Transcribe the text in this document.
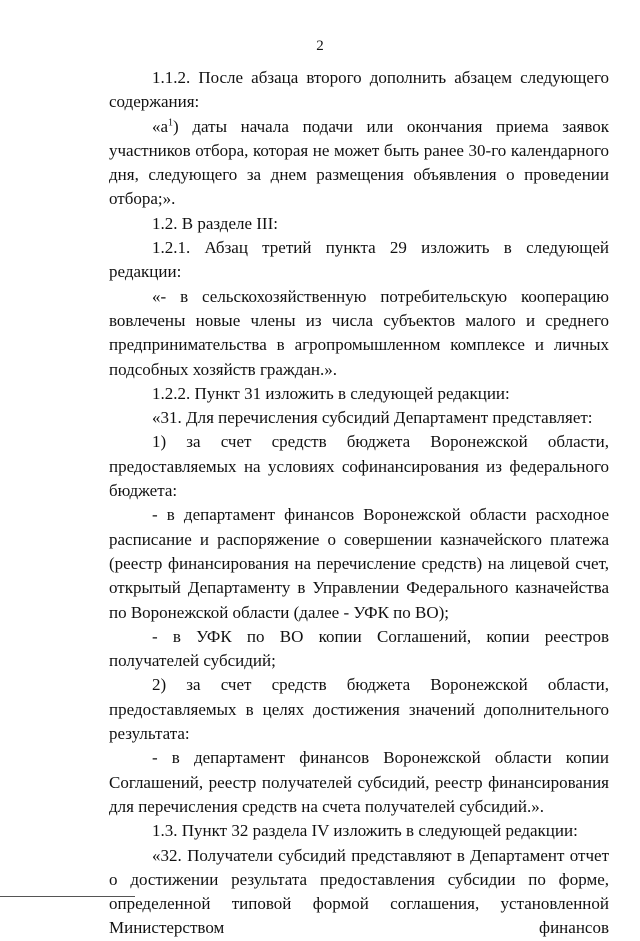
2

1.1.2. После абзаца второго дополнить абзацем следующего содержания:

«$а^1$) даты начала подачи или окончания приема заявок участников отбора, которая не может быть ранее 30-го календарного дня, следующего за днем размещения объявления о проведении отбора;».

1.2. В разделе III:

1.2.1. Абзац третий пункта 29 изложить в следующей редакции:

«- в сельскохозяйственную потребительскую кооперацию вовлечены новые члены из числа субъектов малого и среднего предпринимательства в агропромышленном комплексе и личных подсобных хозяйств граждан.».

1.2.2. Пункт 31 изложить в следующей редакции:

«31. Для перечисления субсидий Департамент представляет:

1) за счет средств бюджета Воронежской области, предоставляемых на условиях софинансирования из федерального бюджета:

- в департамент финансов Воронежской области расходное расписание и распоряжение о совершении казначейского платежа (реестр финансирования на перечисление средств) на лицевой счет, открытый Департаменту в Управлении Федерального казначейства по Воронежской области (далее - УФК по ВО);

- в УФК по ВО копии Соглашений, копии реестров получателей субсидий;

2) за счет средств бюджета Воронежской области, предоставляемых в целях достижения значений дополнительного результата:

- в департамент финансов Воронежской области копии Соглашений, реестр получателей субсидий, реестр финансирования для перечисления средств на счета получателей субсидий.».

1.3. Пункт 32 раздела IV изложить в следующей редакции:

«32. Получатели субсидий представляют в Департамент отчет о достижении результата предоставления субсидии по форме, определенной типовой формой соглашения, установленной Министерством финансов
